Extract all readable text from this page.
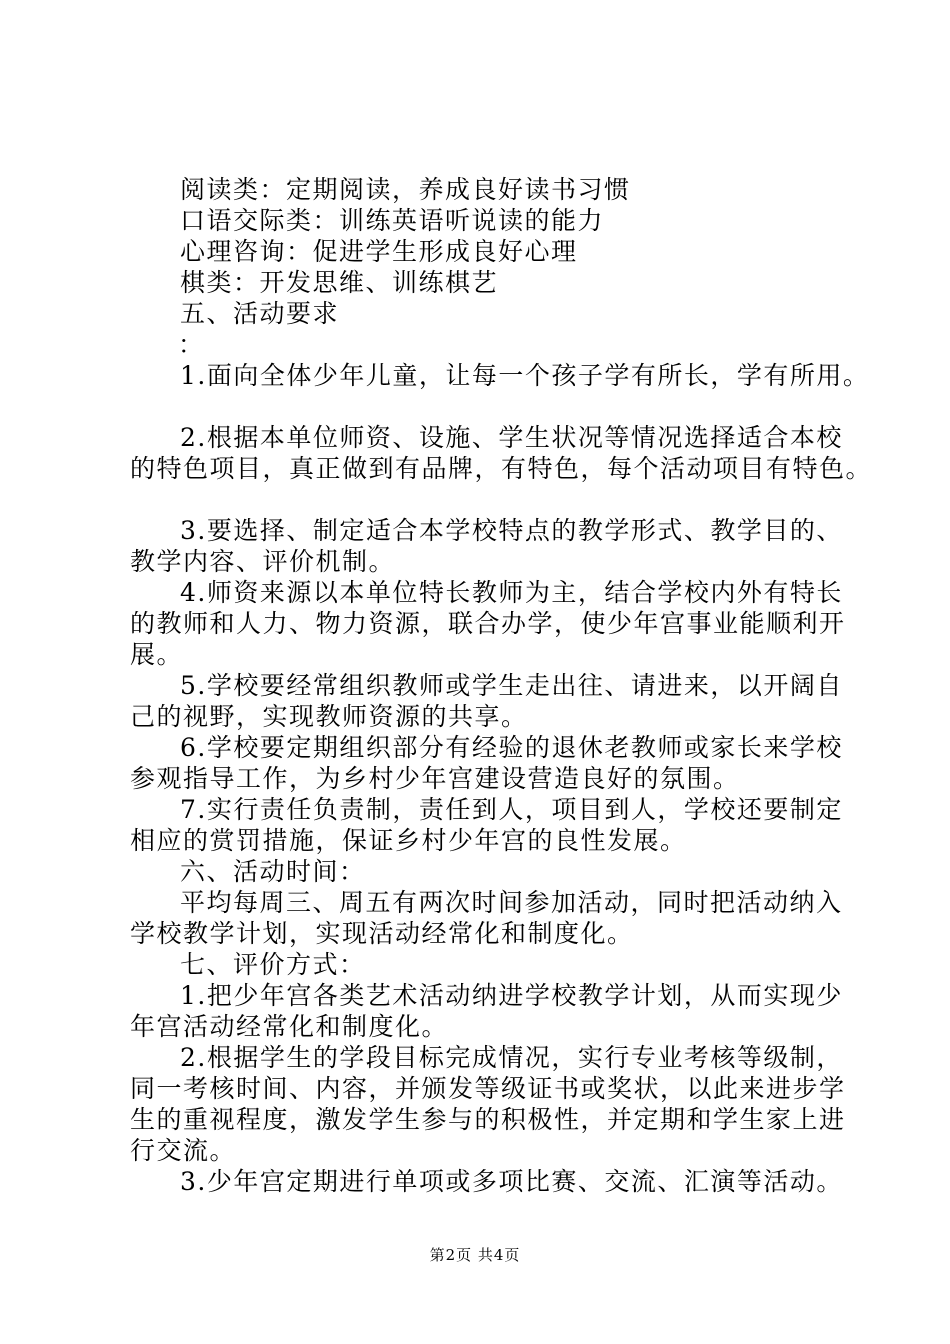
阅读类：定期阅读，养成良好读书习惯
口语交际类：训练英语听说读的能力
心理咨询：促进学生形成良好心理
棋类：开发思维、训练棋艺
五、活动要求
：
1.面向全体少年儿童，让每一个孩子学有所长，学有所用。
2.根据本单位师资、设施、学生状况等情况选择适合本校
的特色项目，真正做到有品牌，有特色，每个活动项目有特色。
3.要选择、制定适合本学校特点的教学形式、教学目的、
教学内容、评价机制。
4.师资来源以本单位特长教师为主，结合学校内外有特长
的教师和人力、物力资源，联合办学，使少年宫事业能顺利开
展。
5.学校要经常组织教师或学生走出往、请进来，以开阔自
己的视野，实现教师资源的共享。
6.学校要定期组织部分有经验的退休老教师或家长来学校
参观指导工作，为乡村少年宫建设营造良好的氛围。
7.实行责任负责制，责任到人，项目到人，学校还要制定
相应的赏罚措施，保证乡村少年宫的良性发展。
六、活动时间：
平均每周三、周五有两次时间参加活动，同时把活动纳入
学校教学计划，实现活动经常化和制度化。
七、评价方式：
1.把少年宫各类艺术活动纳进学校教学计划，从而实现少
年宫活动经常化和制度化。
2.根据学生的学段目标完成情况，实行专业考核等级制，
同一考核时间、内容，并颁发等级证书或奖状，以此来进步学
生的重视程度，激发学生参与的积极性，并定期和学生家上进
行交流。
3.少年宫定期进行单项或多项比赛、交流、汇演等活动。
第2页 共4页
